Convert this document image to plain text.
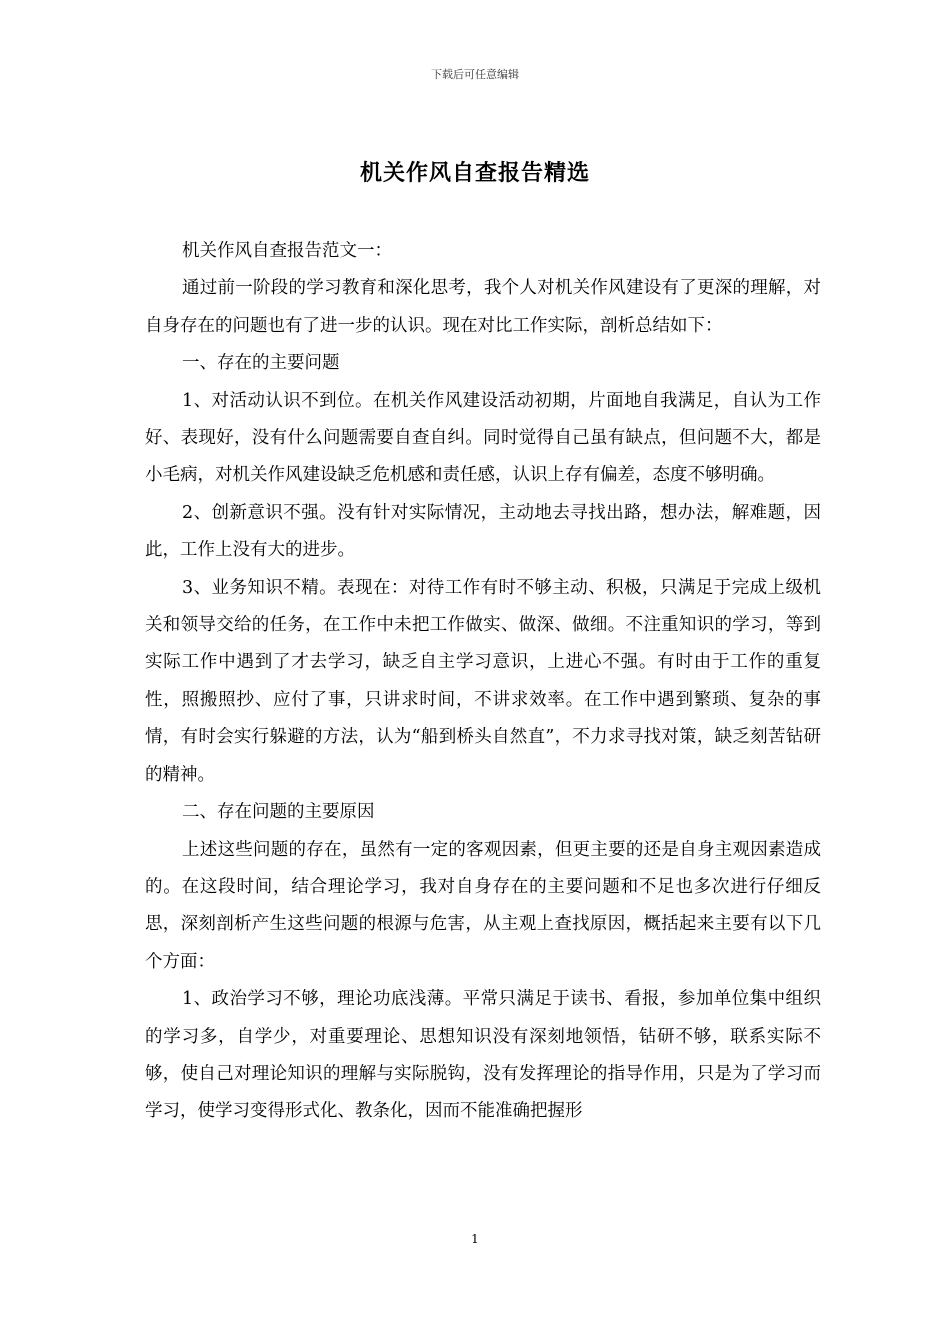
下载后可任意编辑
机关作风自查报告精选

机关作风自查报告范文一：

通过前一阶段的学习教育和深化思考，我个人对机关作风建设有了更深的理解，对自身存在的问题也有了进一步的认识。现在对比工作实际，剖析总结如下：

一、存在的主要问题

1、对活动认识不到位。在机关作风建设活动初期，片面地自我满足，自认为工作好、表现好，没有什么问题需要自查自纠。同时觉得自己虽有缺点，但问题不大，都是小毛病，对机关作风建设缺乏危机感和责任感，认识上存有偏差，态度不够明确。

2、创新意识不强。没有针对实际情况，主动地去寻找出路，想办法，解难题，因此，工作上没有大的进步。

3、业务知识不精。表现在：对待工作有时不够主动、积极，只满足于完成上级机关和领导交给的任务，在工作中未把工作做实、做深、做细。不注重知识的学习，等到实际工作中遇到了才去学习，缺乏自主学习意识，上进心不强。有时由于工作的重复性，照搬照抄、应付了事，只讲求时间，不讲求效率。在工作中遇到繁琐、复杂的事情，有时会实行躲避的方法，认为“船到桥头自然直”，不力求寻找对策，缺乏刻苦钻研的精神。

二、存在问题的主要原因

上述这些问题的存在，虽然有一定的客观因素，但更主要的还是自身主观因素造成的。在这段时间，结合理论学习，我对自身存在的主要问题和不足也多次进行仔细反思，深刻剖析产生这些问题的根源与危害，从主观上查找原因，概括起来主要有以下几个方面：

1、政治学习不够，理论功底浅薄。平常只满足于读书、看报，参加单位集中组织的学习多，自学少，对重要理论、思想知识没有深刻地领悟，钻研不够，联系实际不够，使自己对理论知识的理解与实际脱钩，没有发挥理论的指导作用，只是为了学习而学习，使学习变得形式化、教条化，因而不能准确把握形

1
